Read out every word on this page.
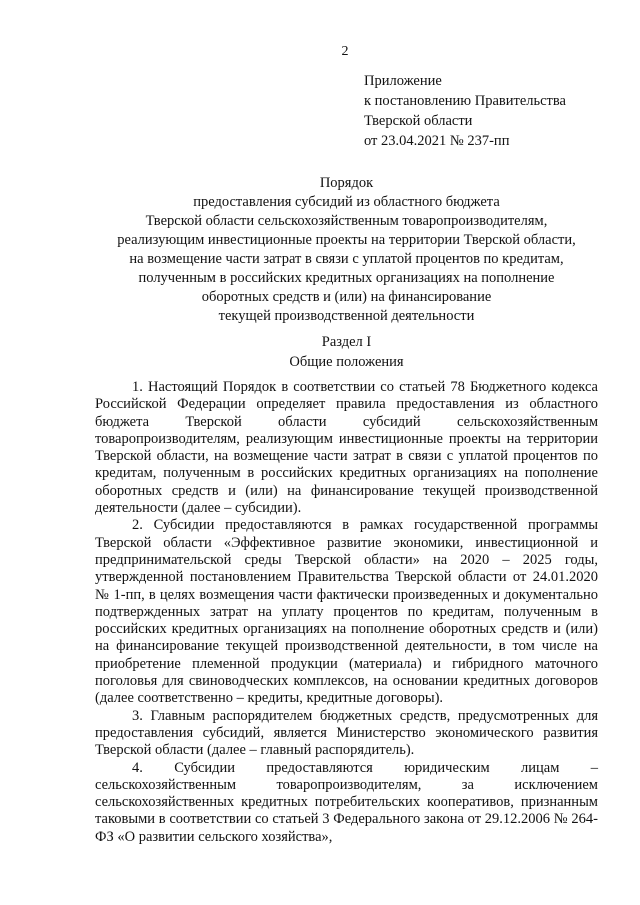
2
Приложение
к постановлению Правительства
Тверской области
от 23.04.2021 № 237-пп
Порядок
предоставления субсидий из областного бюджета
Тверской области сельскохозяйственным товаропроизводителям,
реализующим инвестиционные проекты на территории Тверской области,
на возмещение части затрат в связи с уплатой процентов по кредитам,
полученным в российских кредитных организациях на пополнение
оборотных средств и (или) на финансирование
текущей производственной деятельности
Раздел I
Общие положения

1. Настоящий Порядок в соответствии со статьей 78 Бюджетного кодекса Российской Федерации определяет правила предоставления из областного бюджета Тверской области субсидий сельскохозяйственным товаропроизводителям, реализующим инвестиционные проекты на территории Тверской области, на возмещение части затрат в связи с уплатой процентов по кредитам, полученным в российских кредитных организациях на пополнение оборотных средств и (или) на финансирование текущей производственной деятельности (далее – субсидии).

2. Субсидии предоставляются в рамках государственной программы Тверской области «Эффективное развитие экономики, инвестиционной и предпринимательской среды Тверской области» на 2020 – 2025 годы, утвержденной постановлением Правительства Тверской области от 24.01.2020 № 1-пп, в целях возмещения части фактически произведенных и документально подтвержденных затрат на уплату процентов по кредитам, полученным в российских кредитных организациях на пополнение оборотных средств и (или) на финансирование текущей производственной деятельности, в том числе на приобретение племенной продукции (материала) и гибридного маточного поголовья для свиноводческих комплексов, на основании кредитных договоров (далее соответственно – кредиты, кредитные договоры).

3. Главным распорядителем бюджетных средств, предусмотренных для предоставления субсидий, является Министерство экономического развития Тверской области (далее – главный распорядитель).

4. Субсидии предоставляются юридическим лицам – сельскохозяйственным товаропроизводителям, за исключением сельскохозяйственных кредитных потребительских кооперативов, признанным таковыми в соответствии со статьей 3 Федерального закона от 29.12.2006 № 264-ФЗ «О развитии сельского хозяйства»,
